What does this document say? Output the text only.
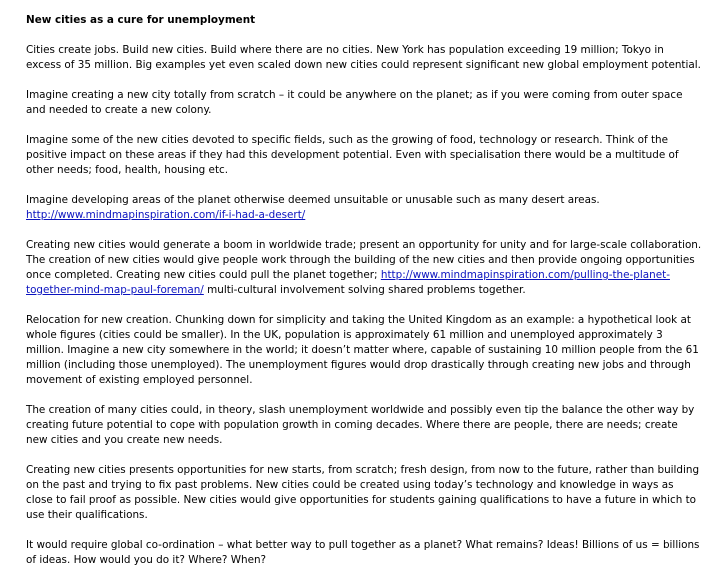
New cities as a cure for unemployment

Cities create jobs. Build new cities. Build where there are no cities. New York has population exceeding 19 million; Tokyo in excess of 35 million. Big examples yet even scaled down new cities could represent significant new global employment potential.

Imagine creating a new city totally from scratch – it could be anywhere on the planet; as if you were coming from outer space and needed to create a new colony.

Imagine some of the new cities devoted to specific fields, such as the growing of food, technology or research. Think of the positive impact on these areas if they had this development potential. Even with specialisation there would be a multitude of other needs; food, health, housing etc.

Imagine developing areas of the planet otherwise deemed unsuitable or unusable such as many desert areas.
http://www.mindmapinspiration.com/if-i-had-a-desert/

Creating new cities would generate a boom in worldwide trade; present an opportunity for unity and for large-scale collaboration. The creation of new cities would give people work through the building of the new cities and then provide ongoing opportunities once completed. Creating new cities could pull the planet together; http://www.mindmapinspiration.com/pulling-the-planet-together-mind-map-paul-foreman/ multi-cultural involvement solving shared problems together.

Relocation for new creation. Chunking down for simplicity and taking the United Kingdom as an example: a hypothetical look at whole figures (cities could be smaller). In the UK, population is approximately 61 million and unemployed approximately 3 million. Imagine a new city somewhere in the world; it doesn’t matter where, capable of sustaining 10 million people from the 61 million (including those unemployed). The unemployment figures would drop drastically through creating new jobs and through movement of existing employed personnel.

The creation of many cities could, in theory, slash unemployment worldwide and possibly even tip the balance the other way by creating future potential to cope with population growth in coming decades. Where there are people, there are needs; create new cities and you create new needs.

Creating new cities presents opportunities for new starts, from scratch; fresh design, from now to the future, rather than building on the past and trying to fix past problems. New cities could be created using today’s technology and knowledge in ways as close to fail proof as possible. New cities would give opportunities for students gaining qualifications to have a future in which to use their qualifications.

It would require global co-ordination – what better way to pull together as a planet? What remains? Ideas! Billions of us = billions of ideas. How would you do it? Where? When?
